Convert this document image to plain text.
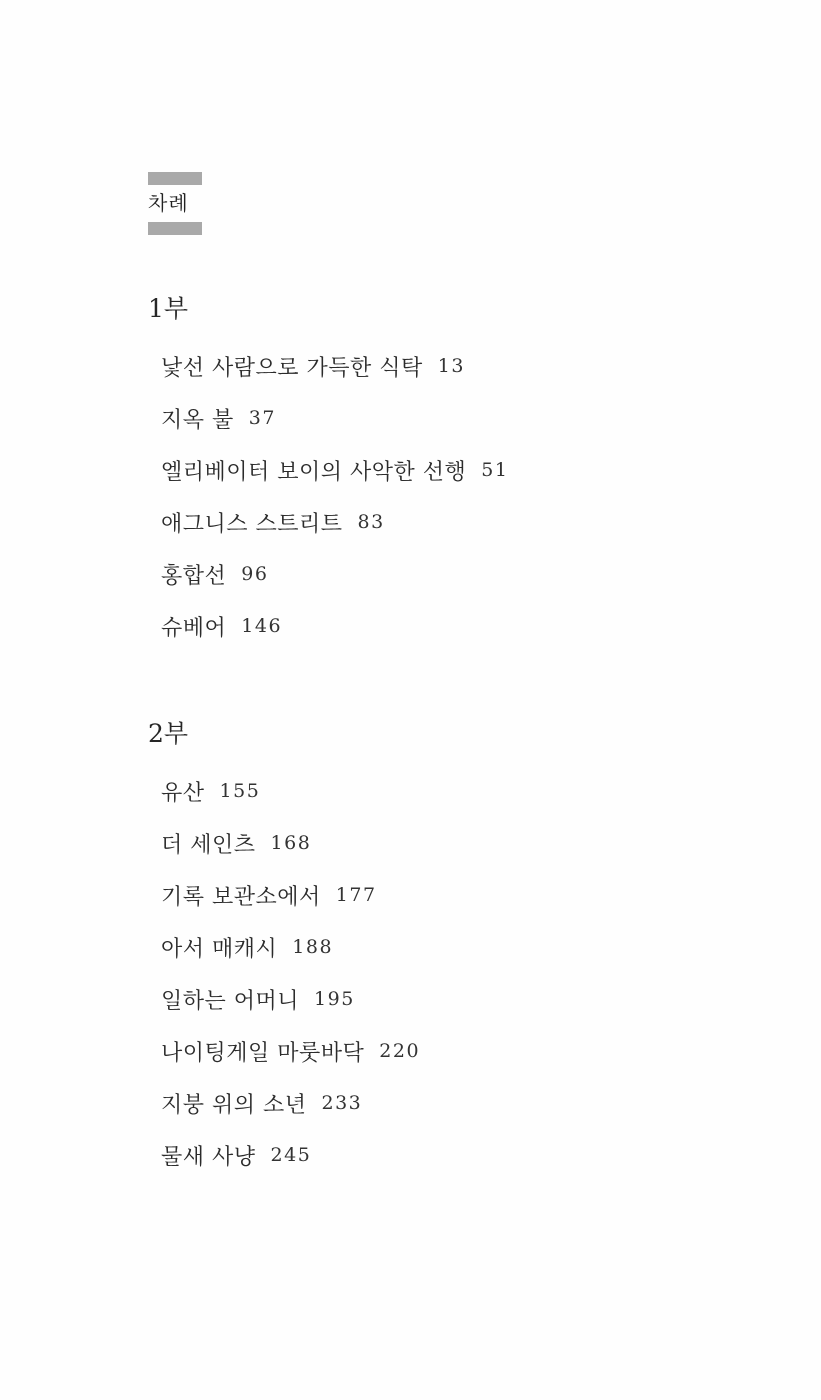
차례
1부
낯선 사람으로 가득한 식탁 13
지옥 불 37
엘리베이터 보이의 사악한 선행 51
애그니스 스트리트 83
홍합선 96
슈베어 146
2부
유산 155
더 세인츠 168
기록 보관소에서 177
아서 매캐시 188
일하는 어머니 195
나이팅게일 마룻바닥 220
지붕 위의 소년 233
물새 사냥 245
